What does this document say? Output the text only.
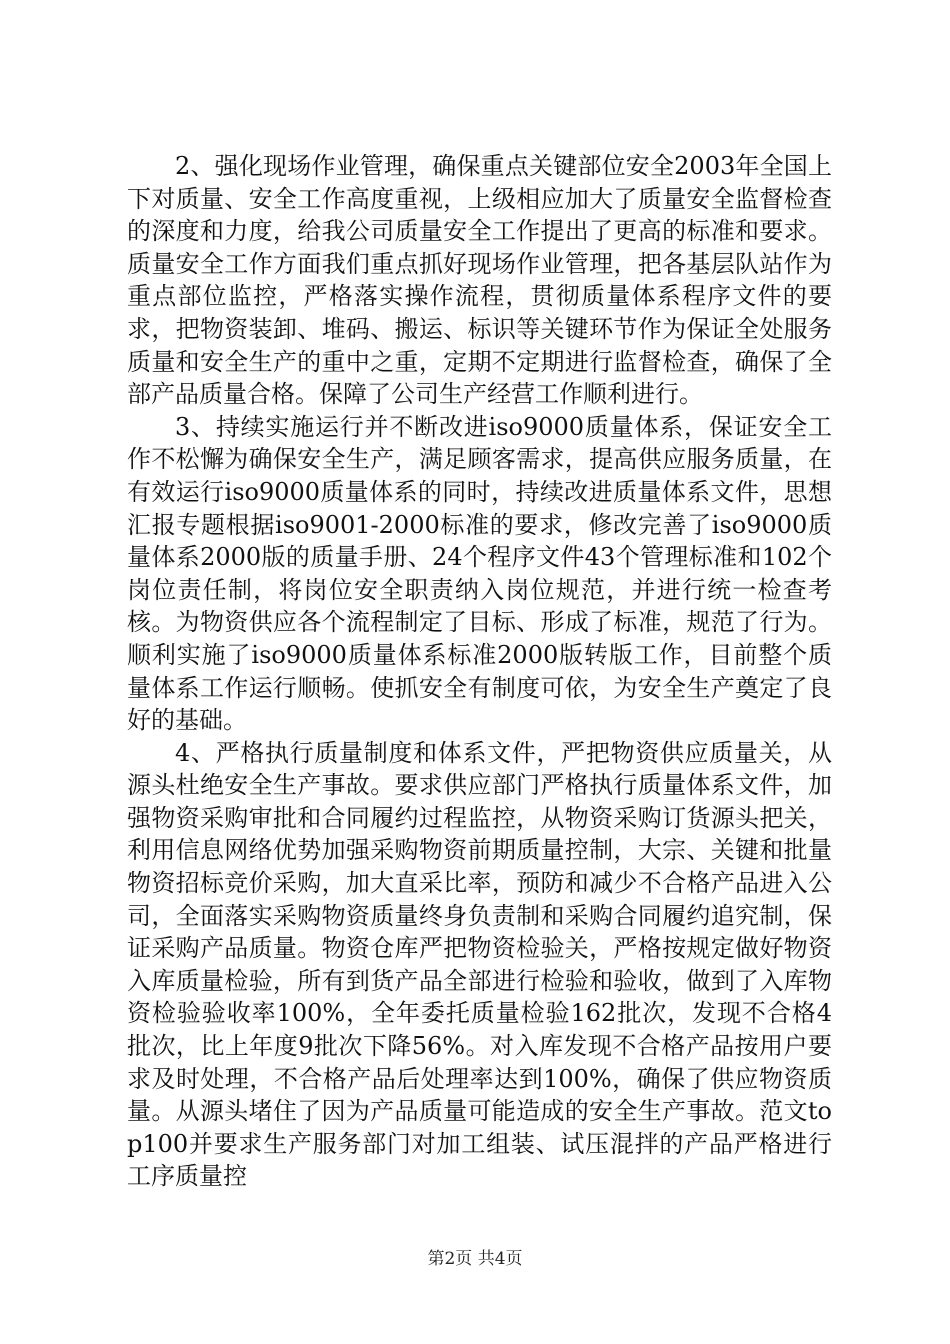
2、强化现场作业管理，确保重点关键部位安全2003年全国上下对质量、安全工作高度重视，上级相应加大了质量安全监督检查的深度和力度，给我公司质量安全工作提出了更高的标准和要求。质量安全工作方面我们重点抓好现场作业管理，把各基层队站作为重点部位监控，严格落实操作流程，贯彻质量体系程序文件的要求，把物资装卸、堆码、搬运、标识等关键环节作为保证全处服务质量和安全生产的重中之重，定期不定期进行监督检查，确保了全部产品质量合格。保障了公司生产经营工作顺利进行。

3、持续实施运行并不断改进iso9000质量体系，保证安全工作不松懈为确保安全生产，满足顾客需求，提高供应服务质量，在有效运行iso9000质量体系的同时，持续改进质量体系文件，思想汇报专题根据iso9001-2000标准的要求，修改完善了iso9000质量体系2000版的质量手册、24个程序文件43个管理标准和102个岗位责任制，将岗位安全职责纳入岗位规范，并进行统一检查考核。为物资供应各个流程制定了目标、形成了标准，规范了行为。顺利实施了iso9000质量体系标准2000版转版工作，目前整个质量体系工作运行顺畅。使抓安全有制度可依，为安全生产奠定了良好的基础。

4、严格执行质量制度和体系文件，严把物资供应质量关，从源头杜绝安全生产事故。要求供应部门严格执行质量体系文件，加强物资采购审批和合同履约过程监控，从物资采购订货源头把关，利用信息网络优势加强采购物资前期质量控制，大宗、关键和批量物资招标竞价采购，加大直采比率，预防和减少不合格产品进入公司，全面落实采购物资质量终身负责制和采购合同履约追究制，保证采购产品质量。物资仓库严把物资检验关，严格按规定做好物资入库质量检验，所有到货产品全部进行检验和验收，做到了入库物资检验验收率100%，全年委托质量检验162批次，发现不合格4批次，比上年度9批次下降56%。对入库发现不合格产品按用户要求及时处理，不合格产品后处理率达到100%，确保了供应物资质量。从源头堵住了因为产品质量可能造成的安全生产事故。范文top100并要求生产服务部门对加工组装、试压混拌的产品严格进行工序质量控

第2页 共4页
